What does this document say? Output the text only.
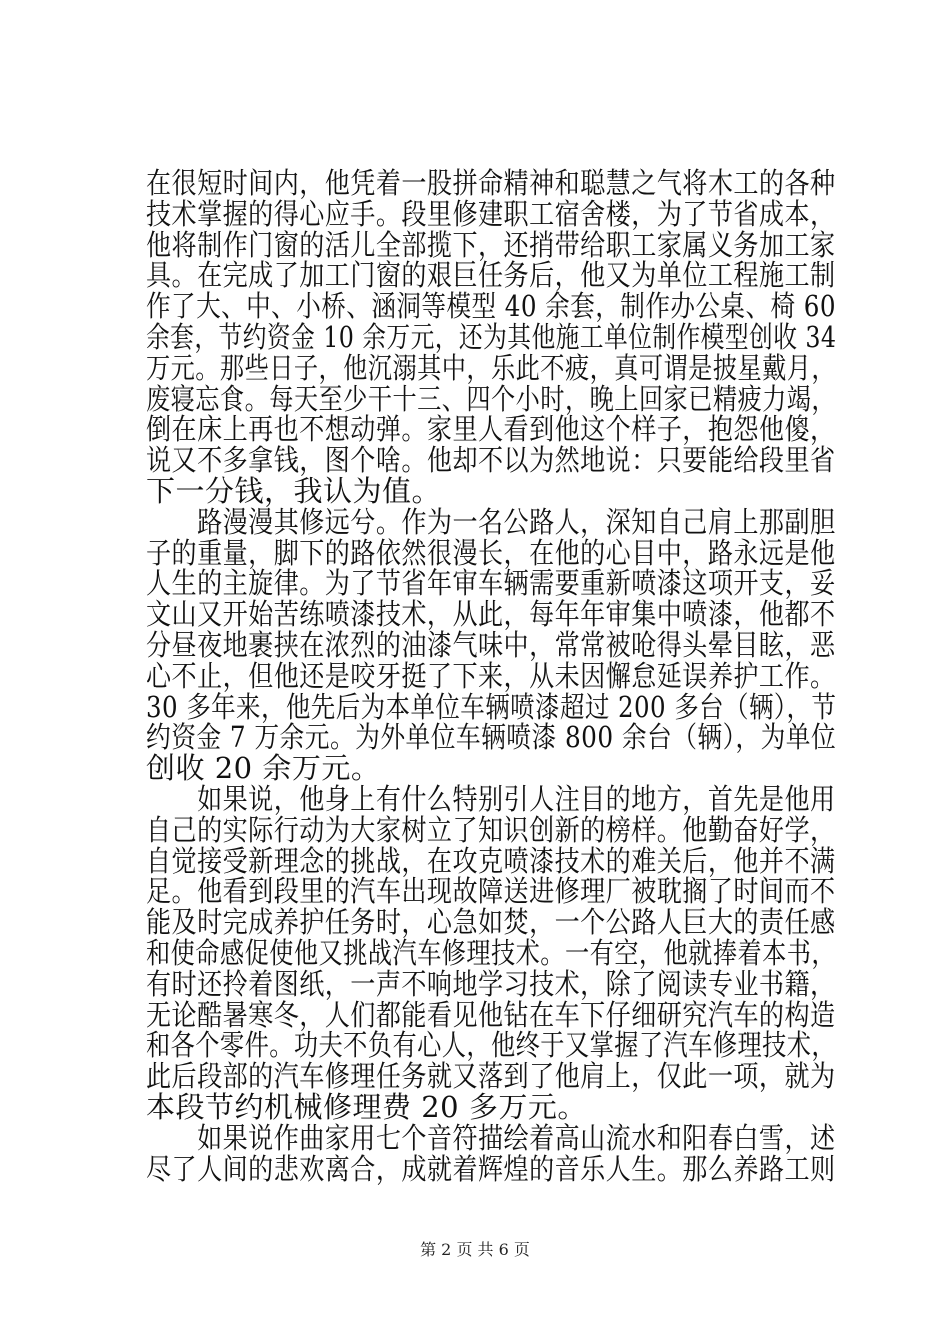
在很短时间内，他凭着一股拼命精神和聪慧之气将木工的各种
技术掌握的得心应手。段里修建职工宿舍楼，为了节省成本，
他将制作门窗的活儿全部揽下，还捎带给职工家属义务加工家
具。在完成了加工门窗的艰巨任务后，他又为单位工程施工制
作了大、中、小桥、涵洞等模型 40 余套，制作办公桌、椅 60
余套，节约资金 10 余万元，还为其他施工单位制作模型创收 34
万元。那些日子，他沉溺其中，乐此不疲，真可谓是披星戴月，
废寝忘食。每天至少干十三、四个小时，晚上回家已精疲力竭，
倒在床上再也不想动弹。家里人看到他这个样子，抱怨他傻，
说又不多拿钱，图个啥。他却不以为然地说：只要能给段里省
下一分钱，我认为值。
　　路漫漫其修远兮。作为一名公路人，深知自己肩上那副胆
子的重量，脚下的路依然很漫长，在他的心目中，路永远是他
人生的主旋律。为了节省年审车辆需要重新喷漆这项开支，妥
文山又开始苦练喷漆技术，从此，每年年审集中喷漆，他都不
分昼夜地裹挟在浓烈的油漆气味中，常常被呛得头晕目眩，恶
心不止，但他还是咬牙挺了下来，从未因懈怠延误养护工作。
30 多年来，他先后为本单位车辆喷漆超过 200 多台（辆），节
约资金 7 万余元。为外单位车辆喷漆 800 余台（辆），为单位
创收 20 余万元。
　　如果说，他身上有什么特别引人注目的地方，首先是他用
自己的实际行动为大家树立了知识创新的榜样。他勤奋好学，
自觉接受新理念的挑战，在攻克喷漆技术的难关后，他并不满
足。他看到段里的汽车出现故障送进修理厂被耽搁了时间而不
能及时完成养护任务时，心急如焚，一个公路人巨大的责任感
和使命感促使他又挑战汽车修理技术。一有空，他就捧着本书，
有时还拎着图纸，一声不响地学习技术，除了阅读专业书籍，
无论酷暑寒冬，人们都能看见他钻在车下仔细研究汽车的构造
和各个零件。功夫不负有心人，他终于又掌握了汽车修理技术，
此后段部的汽车修理任务就又落到了他肩上，仅此一项，就为
本段节约机械修理费 20 多万元。
　　如果说作曲家用七个音符描绘着高山流水和阳春白雪，述
尽了人间的悲欢离合，成就着辉煌的音乐人生。那么养路工则
第 2 页 共 6 页
